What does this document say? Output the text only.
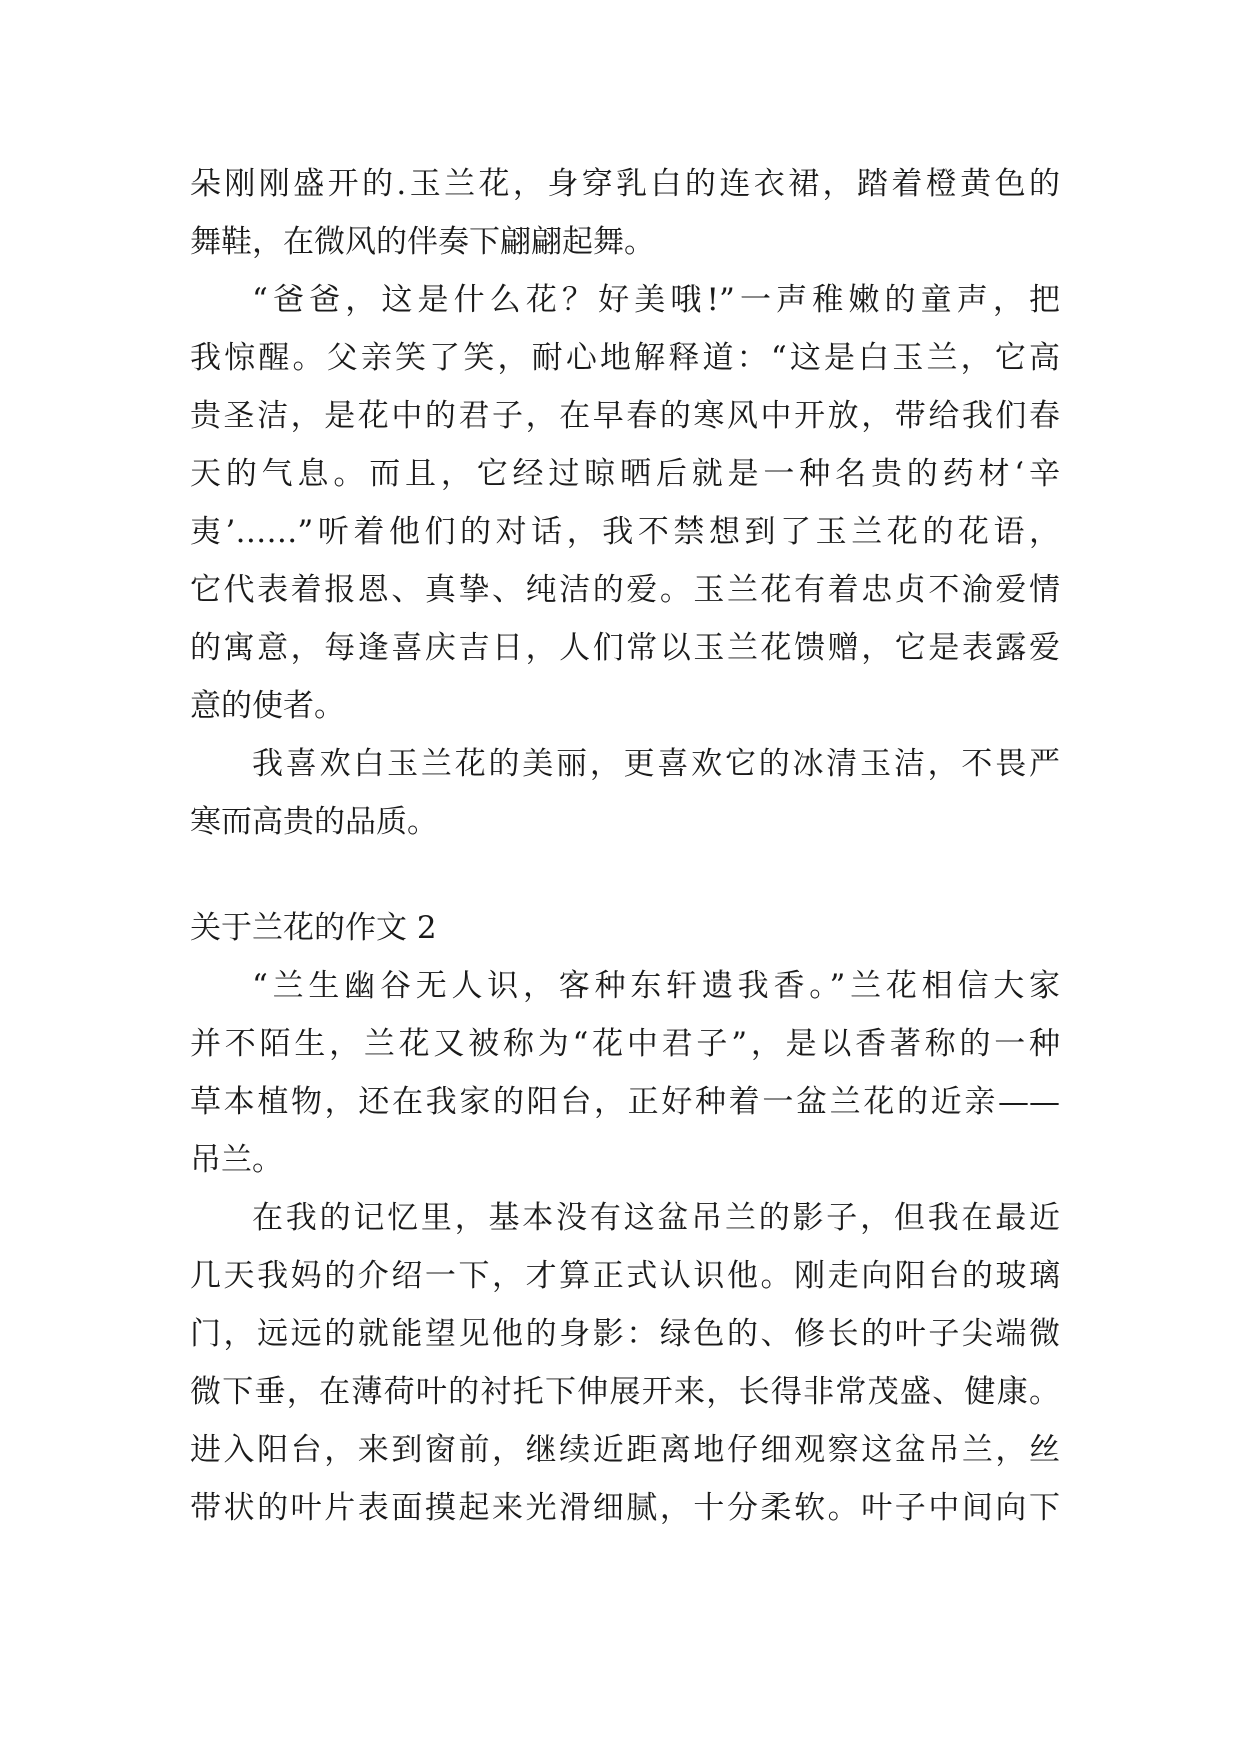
朵刚刚盛开的.玉兰花，身穿乳白的连衣裙，踏着橙黄色的
舞鞋，在微风的伴奏下翩翩起舞。
“爸爸，这是什么花？好美哦!”一声稚嫩的童声，把
我惊醒。父亲笑了笑，耐心地解释道：“这是白玉兰，它高
贵圣洁，是花中的君子，在早春的寒风中开放，带给我们春
天的气息。而且，它经过晾晒后就是一种名贵的药材‘辛
夷’……”听着他们的对话，我不禁想到了玉兰花的花语，
它代表着报恩、真挚、纯洁的爱。玉兰花有着忠贞不渝爱情
的寓意，每逢喜庆吉日，人们常以玉兰花馈赠，它是表露爱
意的使者。
我喜欢白玉兰花的美丽，更喜欢它的冰清玉洁，不畏严
寒而高贵的品质。
关于兰花的作文 2
“兰生幽谷无人识，客种东轩遗我香。”兰花相信大家
并不陌生，兰花又被称为“花中君子”，是以香著称的一种
草本植物，还在我家的阳台，正好种着一盆兰花的近亲——
吊兰。
在我的记忆里，基本没有这盆吊兰的影子，但我在最近
几天我妈的介绍一下，才算正式认识他。刚走向阳台的玻璃
门，远远的就能望见他的身影：绿色的、修长的叶子尖端微
微下垂，在薄荷叶的衬托下伸展开来，长得非常茂盛、健康。
进入阳台，来到窗前，继续近距离地仔细观察这盆吊兰，丝
带状的叶片表面摸起来光滑细腻，十分柔软。叶子中间向下
